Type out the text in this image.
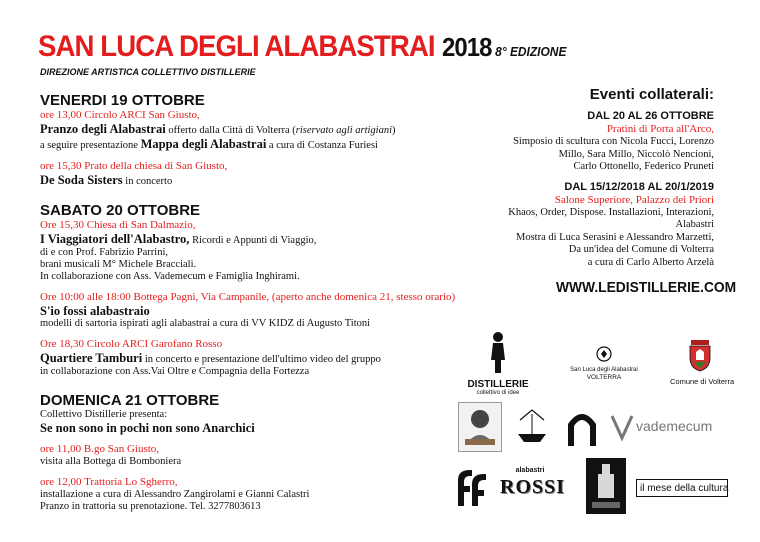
SAN LUCA DEGLI ALABASTRAI 2018 8° EDIZIONE
DIREZIONE ARTISTICA COLLETTIVO DISTILLERIE
VENERDI 19 OTTOBRE
ore 13,00 Circolo ARCI San Giusto,
Pranzo degli Alabastrai offerto dalla Città di Volterra (riservato agli artigiani)
a seguire presentazione Mappa degli Alabastrai a cura di Costanza Furiesi
ore 15,30 Prato della chiesa di San Giusto,
De Soda Sisters in concerto
SABATO 20 OTTOBRE
Ore 15,30 Chiesa di San Dalmazio,
I Viaggiatori dell'Alabastro, Ricordi e Appunti di Viaggio,
di e con Prof. Fabrizio Parrini,
brani musicali M° Michele Bracciali.
In collaborazione con Ass. Vademecum e Famiglia Inghirami.
Ore 10:00 alle 18:00 Bottega Pagni, Via Campanile, (aperto anche domenica 21, stesso orario)
S'io fossi alabastraio
modelli di sartoria ispirati agli alabastrai a cura di VV KIDZ di Augusto Titoni
Ore 18,30 Circolo ARCI Garofano Rosso
Quartiere Tamburi in concerto e presentazione dell'ultimo video del gruppo
in collaborazione con Ass.Vai Oltre e Compagnia della Fortezza
DOMENICA 21 OTTOBRE
Collettivo Distillerie presenta:
Se non sono in pochi non sono Anarchici
ore 11,00 B.go San Giusto,
visita alla Bottega di Bomboniera
ore 12,00 Trattoria Lo Sgherro,
installazione a cura di Alessandro Zangirolami e Gianni Calastri
Pranzo in trattoria su prenotazione. Tel. 3277803613
Eventi collaterali:
DAL 20 AL 26 OTTOBRE
Pratini di Porta all'Arco,
Simposio di scultura con Nicola Fucci, Lorenzo
Millo, Sara Millo, Niccolò Nencioni,
Carlo Ottonello, Federico Pruneti
DAL 15/12/2018 AL 20/1/2019
Salone Superiore, Palazzo dei Priori
Khaos, Order, Dispose. Installazioni, Interazioni,
Alabastri
Mostra di Luca Serasini e Alessandro Marzetti,
Da un'idea del Comune di Volterra
a cura di Carlo Alberto Arzelà
WWW.LEDISTILLERIE.COM
DISTILLERIE
collettivo di idee
San Luca degli Alabastrai
VOLTERRA	Comune di Volterra
vademecum
alabastri
ROSSI	il mese della cultura
